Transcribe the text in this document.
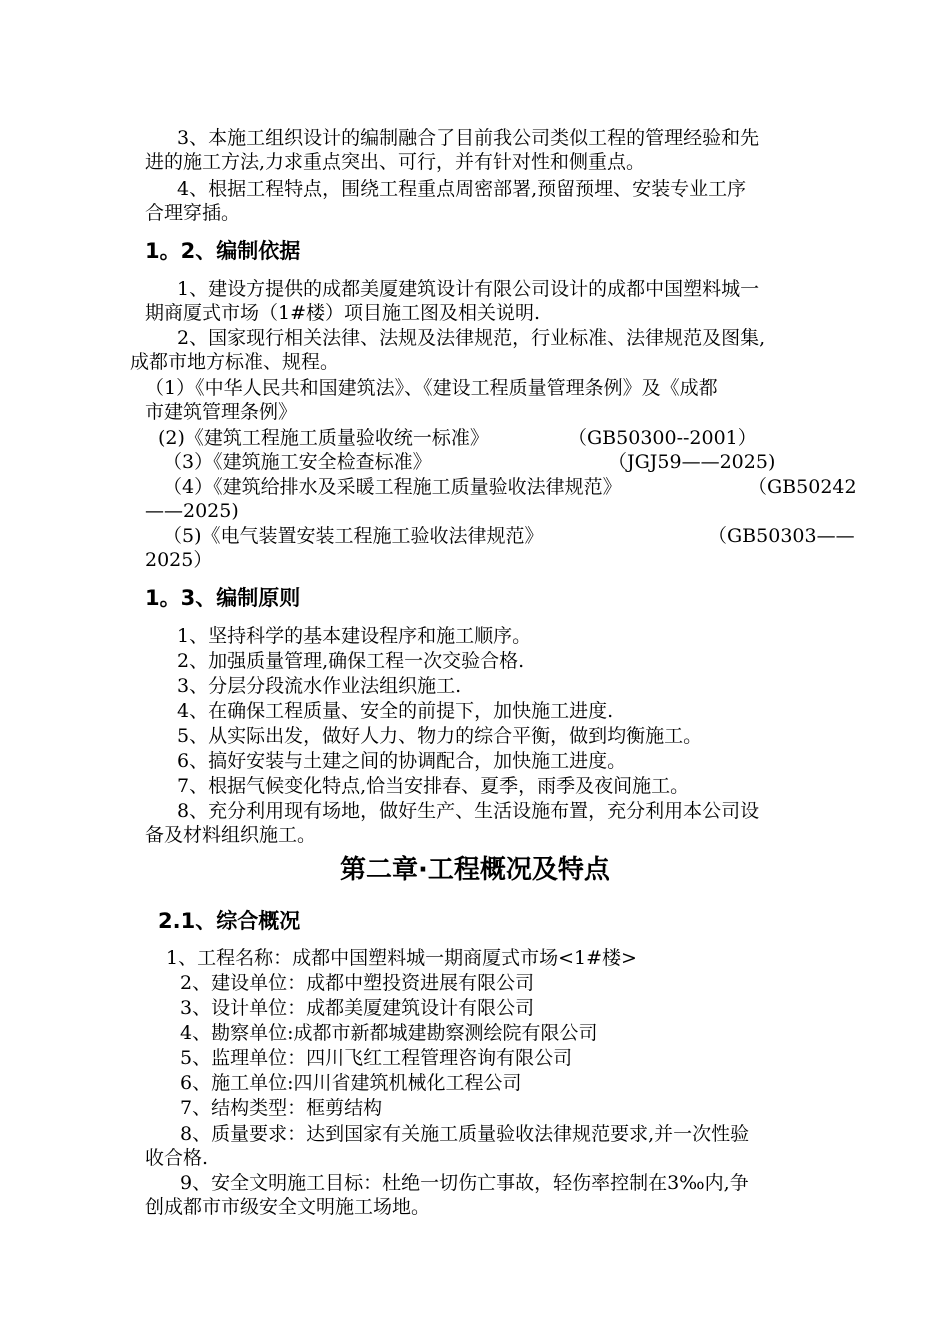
3、本施工组织设计的编制融合了目前我公司类似工程的管理经验和先
进的施工方法,力求重点突出、可行，并有针对性和侧重点。
4、根据工程特点，围绕工程重点周密部署,预留预埋、安装专业工序
合理穿插。
1。2、编制依据
1、建设方提供的成都美厦建筑设计有限公司设计的成都中国塑料城一
期商厦式市场（1#楼）项目施工图及相关说明.
2、国家现行相关法律、法规及法律规范，行业标准、法律规范及图集,
成都市地方标准、规程。
（1）《中华人民共和国建筑法》、《建设工程质量管理条例》及《成都
市建筑管理条例》
(2)《建筑工程施工质量验收统一标准》	（GB50300--2001）
（3）《建筑施工安全检查标准》	（JGJ59——2025)
（4）《建筑给排水及采暖工程施工质量验收法律规范》	（GB50242
——2025)
（5)《电气装置安装工程施工验收法律规范》	（GB50303——
2025）
1。3、编制原则
1、坚持科学的基本建设程序和施工顺序。
2、加强质量管理,确保工程一次交验合格.
3、分层分段流水作业法组织施工.
4、在确保工程质量、安全的前提下，加快施工进度.
5、从实际出发，做好人力、物力的综合平衡，做到均衡施工。
6、搞好安装与土建之间的协调配合，加快施工进度。
7、根据气候变化特点,恰当安排春、夏季，雨季及夜间施工。
8、充分利用现有场地，做好生产、生活设施布置，充分利用本公司设
备及材料组织施工。
第二章·工程概况及特点
2.1、综合概况
1、工程名称：成都中国塑料城一期商厦式市场<1#楼>
2、建设单位：成都中塑投资进展有限公司
3、设计单位：成都美厦建筑设计有限公司
4、勘察单位:成都市新都城建勘察测绘院有限公司
5、监理单位：四川飞红工程管理咨询有限公司
6、施工单位:四川省建筑机械化工程公司
7、结构类型：框剪结构
8、质量要求：达到国家有关施工质量验收法律规范要求,并一次性验
收合格.
9、安全文明施工目标：杜绝一切伤亡事故，轻伤率控制在3‰内,争
创成都市市级安全文明施工场地。
